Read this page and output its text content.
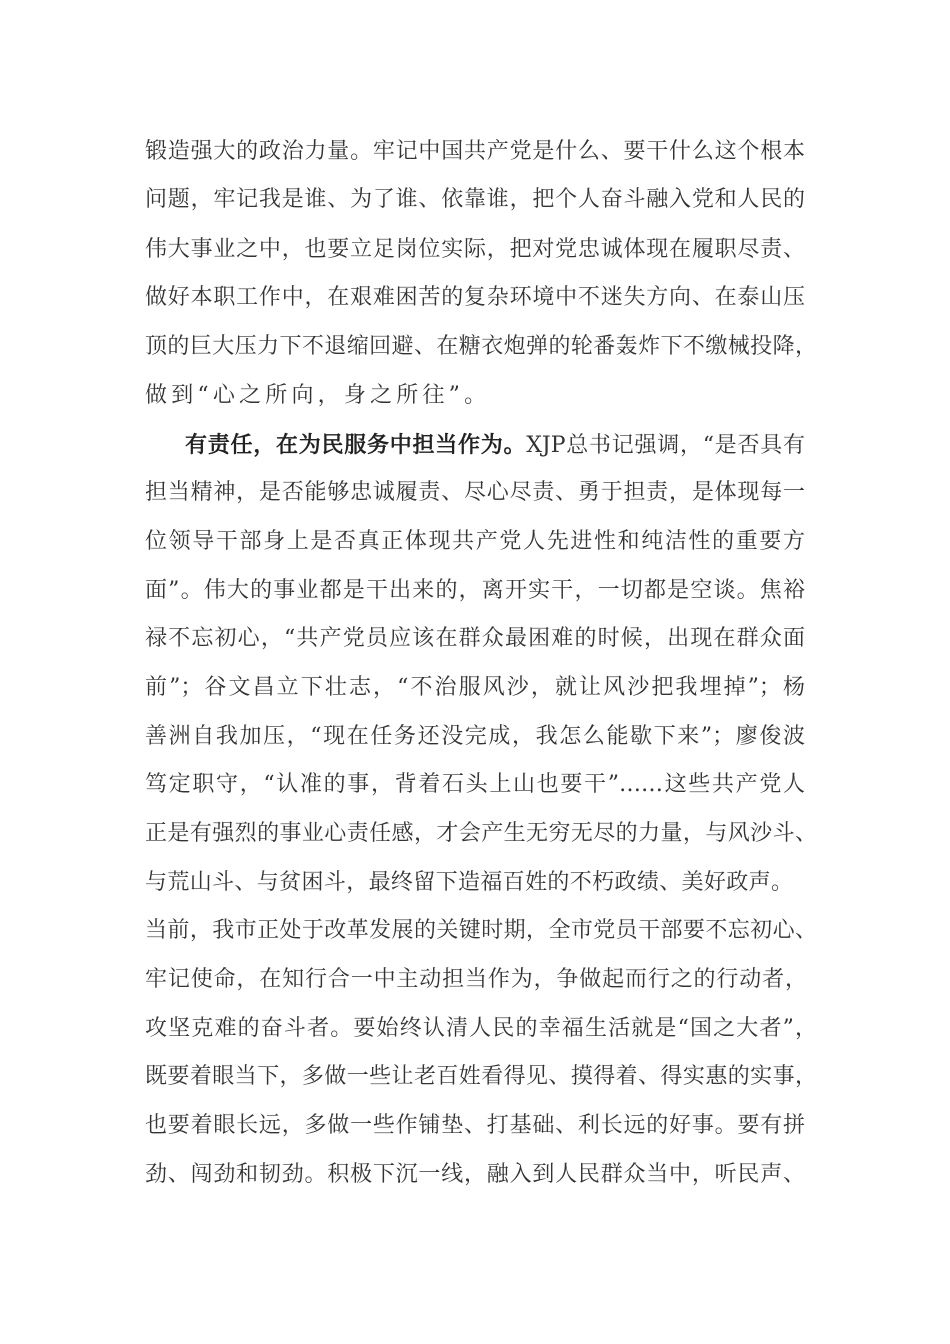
锻造强大的政治力量。牢记中国共产党是什么、要干什么这个根本
问题，牢记我是谁、为了谁、依靠谁，把个人奋斗融入党和人民的
伟大事业之中，也要立足岗位实际，把对党忠诚体现在履职尽责、
做好本职工作中，在艰难困苦的复杂环境中不迷失方向、在泰山压
顶的巨大压力下不退缩回避、在糖衣炮弹的轮番轰炸下不缴械投降，
做到“心之所向，身之所往”。
有责任，在为民服务中担当作为。XJP总书记强调，“是否具有
担当精神，是否能够忠诚履责、尽心尽责、勇于担责，是体现每一
位领导干部身上是否真正体现共产党人先进性和纯洁性的重要方
面”。伟大的事业都是干出来的，离开实干，一切都是空谈。焦裕
禄不忘初心，“共产党员应该在群众最困难的时候，出现在群众面
前”；谷文昌立下壮志，“不治服风沙，就让风沙把我埋掉”；杨
善洲自我加压，“现在任务还没完成，我怎么能歇下来”；廖俊波
笃定职守，“认准的事，背着石头上山也要干”……这些共产党人
正是有强烈的事业心责任感，才会产生无穷无尽的力量，与风沙斗、
与荒山斗、与贫困斗，最终留下造福百姓的不朽政绩、美好政声。
当前，我市正处于改革发展的关键时期，全市党员干部要不忘初心、
牢记使命，在知行合一中主动担当作为，争做起而行之的行动者，
攻坚克难的奋斗者。要始终认清人民的幸福生活就是“国之大者”，
既要着眼当下，多做一些让老百姓看得见、摸得着、得实惠的实事，
也要着眼长远，多做一些作铺垫、打基础、利长远的好事。要有拼
劲、闯劲和韧劲。积极下沉一线，融入到人民群众当中，听民声、
